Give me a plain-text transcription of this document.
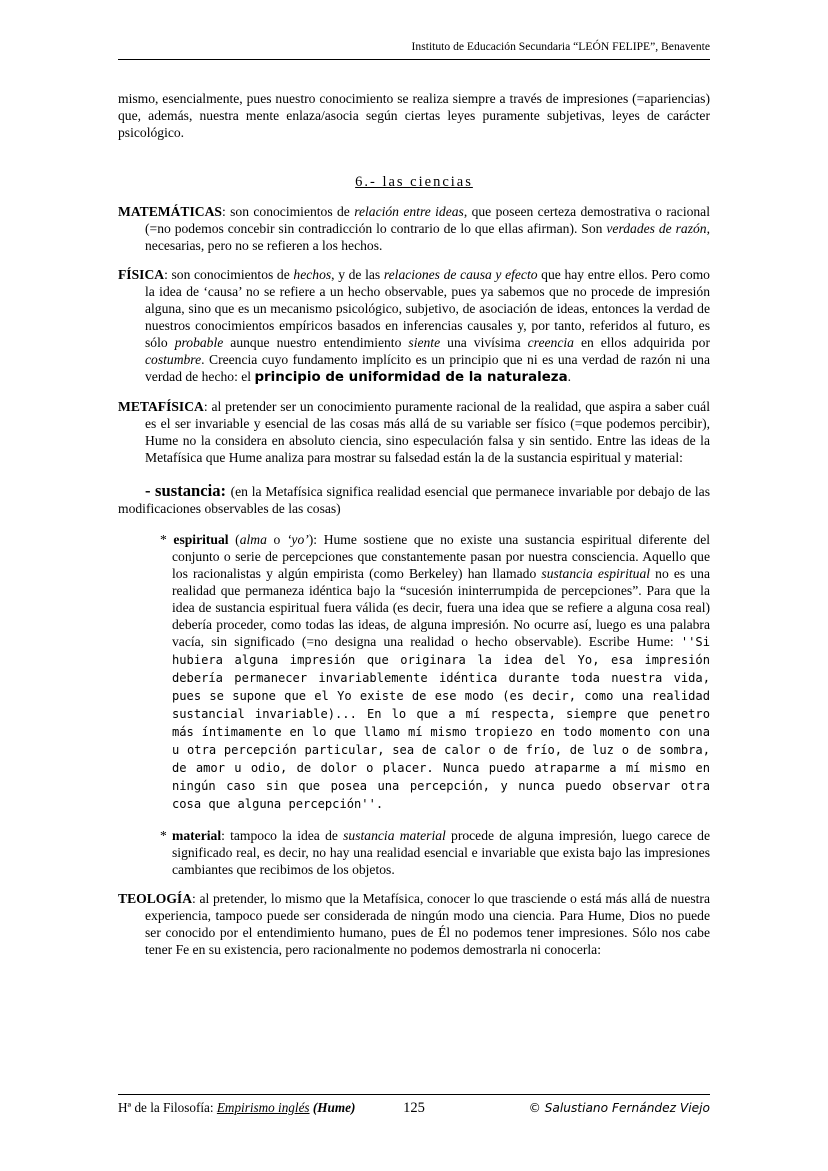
Instituto de Educación Secundaria “LEÓN FELIPE”, Benavente

mismo, esencialmente, pues nuestro conocimiento se realiza siempre a través de impresiones (=apariencias) que, además, nuestra mente enlaza/asocia según ciertas leyes puramente subjetivas, leyes de carácter psicológico.

6.- las ciencias

MATEMÁTICAS: son conocimientos de relación entre ideas, que poseen certeza demostrativa o racional (=no podemos concebir sin contradicción lo contrario de lo que ellas afirman). Son verdades de razón, necesarias, pero no se refieren a los hechos.

FÍSICA: son conocimientos de hechos, y de las relaciones de causa y efecto que hay entre ellos. Pero como la idea de ‘causa’ no se refiere a un hecho observable, pues ya sabemos que no procede de impresión alguna, sino que es un mecanismo psicológico, subjetivo, de asociación de ideas, entonces la verdad de nuestros conocimientos empíricos basados en inferencias causales y, por tanto, referidos al futuro, es sólo probable aunque nuestro entendimiento siente una vivísima creencia en ellos adquirida por costumbre. Creencia cuyo fundamento implícito es un principio que ni es una verdad de razón ni una verdad de hecho: el principio de uniformidad de la naturaleza.

METAFÍSICA: al pretender ser un conocimiento puramente racional de la realidad, que aspira a saber cuál es el ser invariable y esencial de las cosas más allá de su variable ser físico (=que podemos percibir), Hume no la considera en absoluto ciencia, sino especulación falsa y sin sentido. Entre las ideas de la Metafísica que Hume analiza para mostrar su falsedad están la de la sustancia espiritual y material:

- sustancia: (en la Metafísica significa realidad esencial que permanece invariable por debajo de las modificaciones observables de las cosas)

* espiritual (alma o ‘yo’): Hume sostiene que no existe una sustancia espiritual diferente del conjunto o serie de percepciones que constantemente pasan por nuestra consciencia. Aquello que los racionalistas y algún empirista (como Berkeley) han llamado sustancia espiritual no es una realidad que permaneza idéntica bajo la “sucesión ininterrumpida de percepciones”. Para que la idea de sustancia espiritual fuera válida (es decir, fuera una idea que se refiere a alguna cosa real) debería proceder, como todas las ideas, de alguna impresión. No ocurre así, luego es una palabra vacía, sin significado (=no designa una realidad o hecho observable). Escribe Hume: ''Si hubiera alguna impresión que originara la idea del Yo, esa impresión debería permanecer invariablemente idéntica durante toda nuestra vida, pues se supone que el Yo existe de ese modo (es decir, como una realidad sustancial invariable)... En lo que a mí respecta, siempre que penetro más íntimamente en lo que llamo mí mismo tropiezo en todo momento con una u otra percepción particular, sea de calor o de frío, de luz o de sombra, de amor u odio, de dolor o placer. Nunca puedo atraparme a mí mismo en ningún caso sin que posea una percepción, y nunca puedo observar otra cosa que alguna percepción''.

* material: tampoco la idea de sustancia material procede de alguna impresión, luego carece de significado real, es decir, no hay una realidad esencial e invariable que exista bajo las impresiones cambiantes que recibimos de los objetos.

TEOLOGÍA: al pretender, lo mismo que la Metafísica, conocer lo que trasciende o está más allá de nuestra experiencia, tampoco puede ser considerada de ningún modo una ciencia. Para Hume, Dios no puede ser conocido por el entendimiento humano, pues de Él no podemos tener impresiones. Sólo nos cabe tener Fe en su existencia, pero racionalmente no podemos demostrarla ni conocerla:

Hª de la Filosofía: Empirismo inglés (Hume)	125	© Salustiano Fernández Viejo
